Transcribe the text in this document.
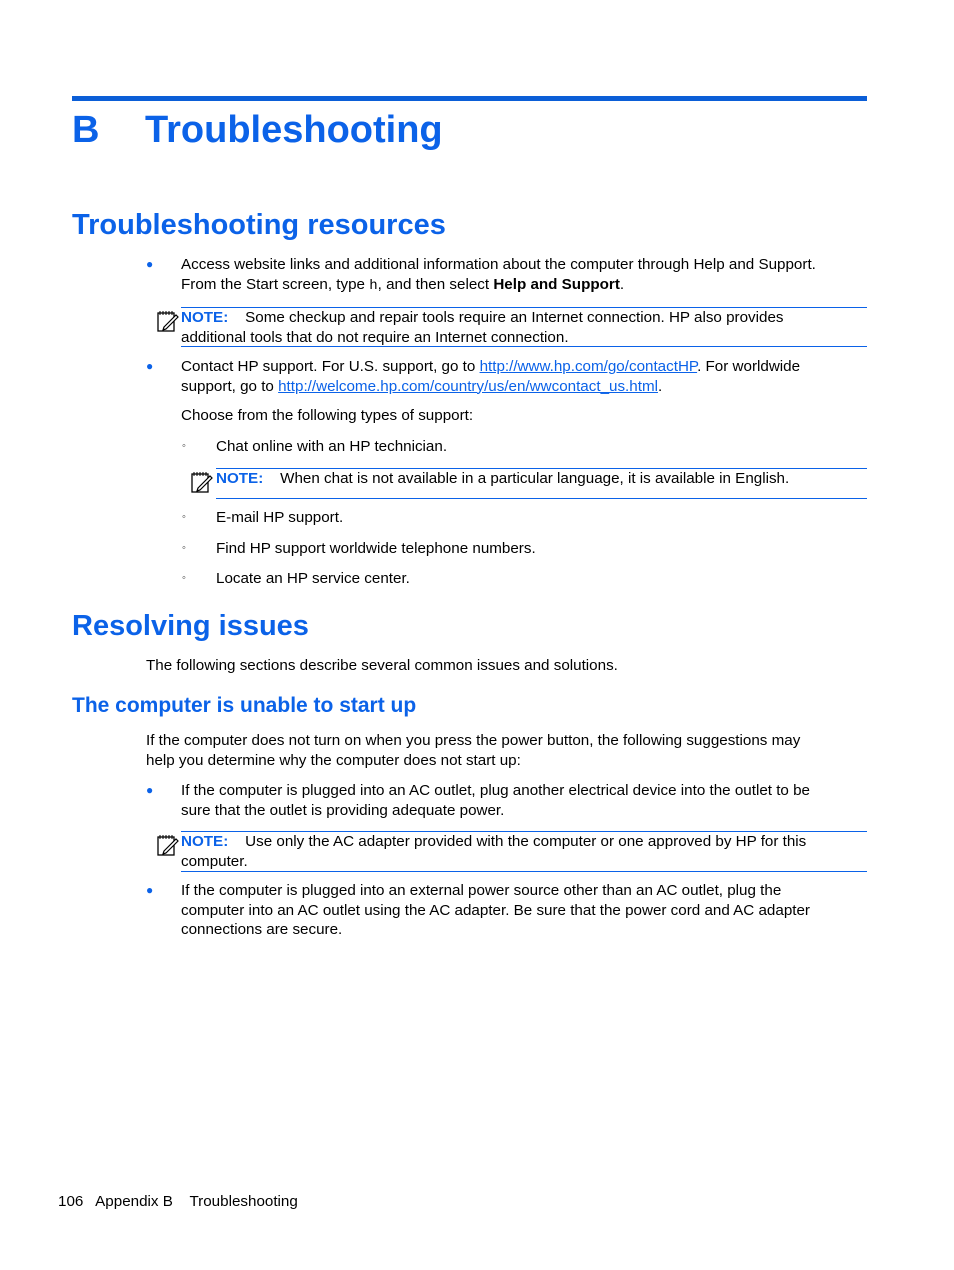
B Troubleshooting
Troubleshooting resources
● Access website links and additional information about the computer through Help and Support.
From the Start screen, type h, and then select Help and Support.
NOTE: Some checkup and repair tools require an Internet connection. HP also provides
additional tools that do not require an Internet connection.
● Contact HP support. For U.S. support, go to http://www.hp.com/go/contactHP. For worldwide
support, go to http://welcome.hp.com/country/us/en/wwcontact_us.html.
Choose from the following types of support:
◦ Chat online with an HP technician.
NOTE: When chat is not available in a particular language, it is available in English.
◦ E-mail HP support.
◦ Find HP support worldwide telephone numbers.
◦ Locate an HP service center.
Resolving issues
The following sections describe several common issues and solutions.
The computer is unable to start up
If the computer does not turn on when you press the power button, the following suggestions may
help you determine why the computer does not start up:
● If the computer is plugged into an AC outlet, plug another electrical device into the outlet to be
sure that the outlet is providing adequate power.
NOTE: Use only the AC adapter provided with the computer or one approved by HP for this
computer.
● If the computer is plugged into an external power source other than an AC outlet, plug the
computer into an AC outlet using the AC adapter. Be sure that the power cord and AC adapter
connections are secure.
106 Appendix B Troubleshooting
